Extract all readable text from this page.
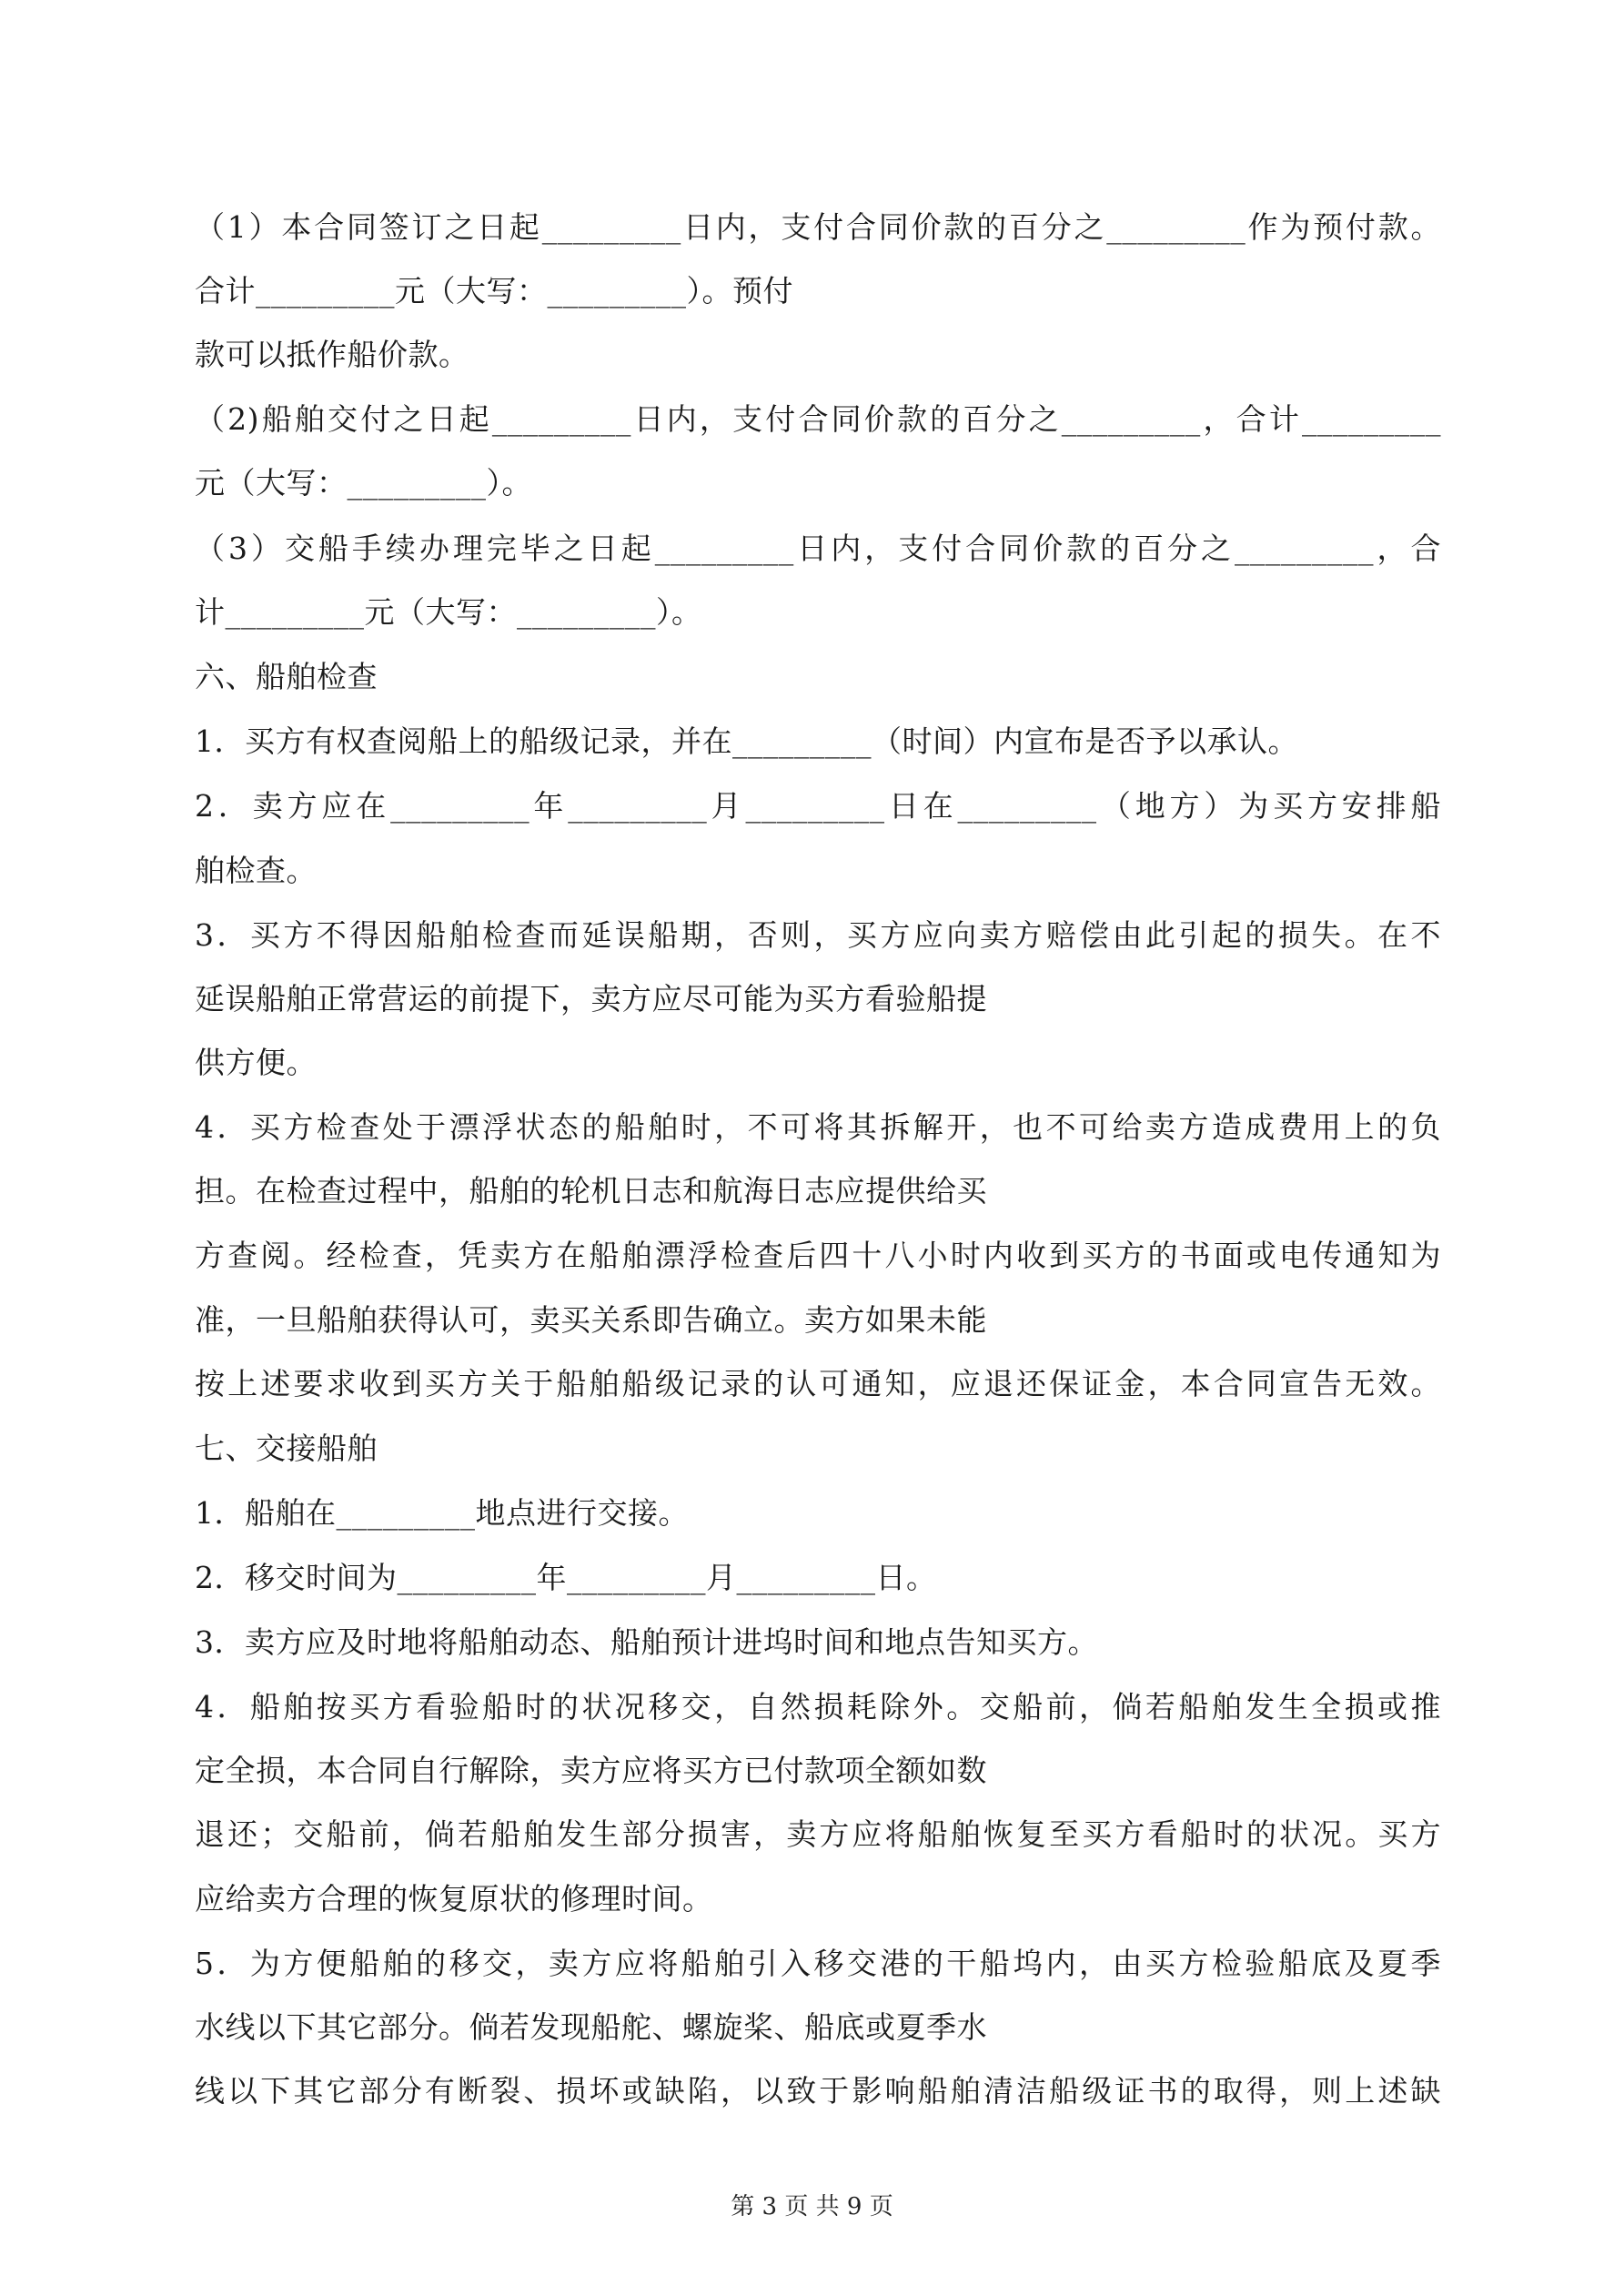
（1）本合同签订之日起_________日内，支付合同价款的百分之_________作为预付款。
合计_________元（大写：_________）。预付
款可以抵作船价款。
（2)船舶交付之日起_________日内，支付合同价款的百分之_________，合计_________
元（大写：_________）。
（3）交船手续办理完毕之日起_________日内，支付合同价款的百分之_________，合
计_________元（大写：_________）。
六、船舶检查
1．买方有权查阅船上的船级记录，并在_________（时间）内宣布是否予以承认。
2．卖方应在_________年_________月_________日在_________（地方）为买方安排船
舶检查。
3．买方不得因船舶检查而延误船期，否则，买方应向卖方赔偿由此引起的损失。在不
延误船舶正常营运的前提下，卖方应尽可能为买方看验船提
供方便。
4．买方检查处于漂浮状态的船舶时，不可将其拆解开，也不可给卖方造成费用上的负
担。在检查过程中，船舶的轮机日志和航海日志应提供给买
方查阅。经检查，凭卖方在船舶漂浮检查后四十八小时内收到买方的书面或电传通知为
准，一旦船舶获得认可，卖买关系即告确立。卖方如果未能
按上述要求收到买方关于船舶船级记录的认可通知，应退还保证金，本合同宣告无效。
七、交接船舶
1．船舶在_________地点进行交接。
2．移交时间为_________年_________月_________日。
3．卖方应及时地将船舶动态、船舶预计进坞时间和地点告知买方。
4．船舶按买方看验船时的状况移交，自然损耗除外。交船前，倘若船舶发生全损或推
定全损，本合同自行解除，卖方应将买方已付款项全额如数
退还；交船前，倘若船舶发生部分损害，卖方应将船舶恢复至买方看船时的状况。买方
应给卖方合理的恢复原状的修理时间。
5．为方便船舶的移交，卖方应将船舶引入移交港的干船坞内，由买方检验船底及夏季
水线以下其它部分。倘若发现船舵、螺旋桨、船底或夏季水
线以下其它部分有断裂、损坏或缺陷，以致于影响船舶清洁船级证书的取得，则上述缺
第 3 页 共 9 页
